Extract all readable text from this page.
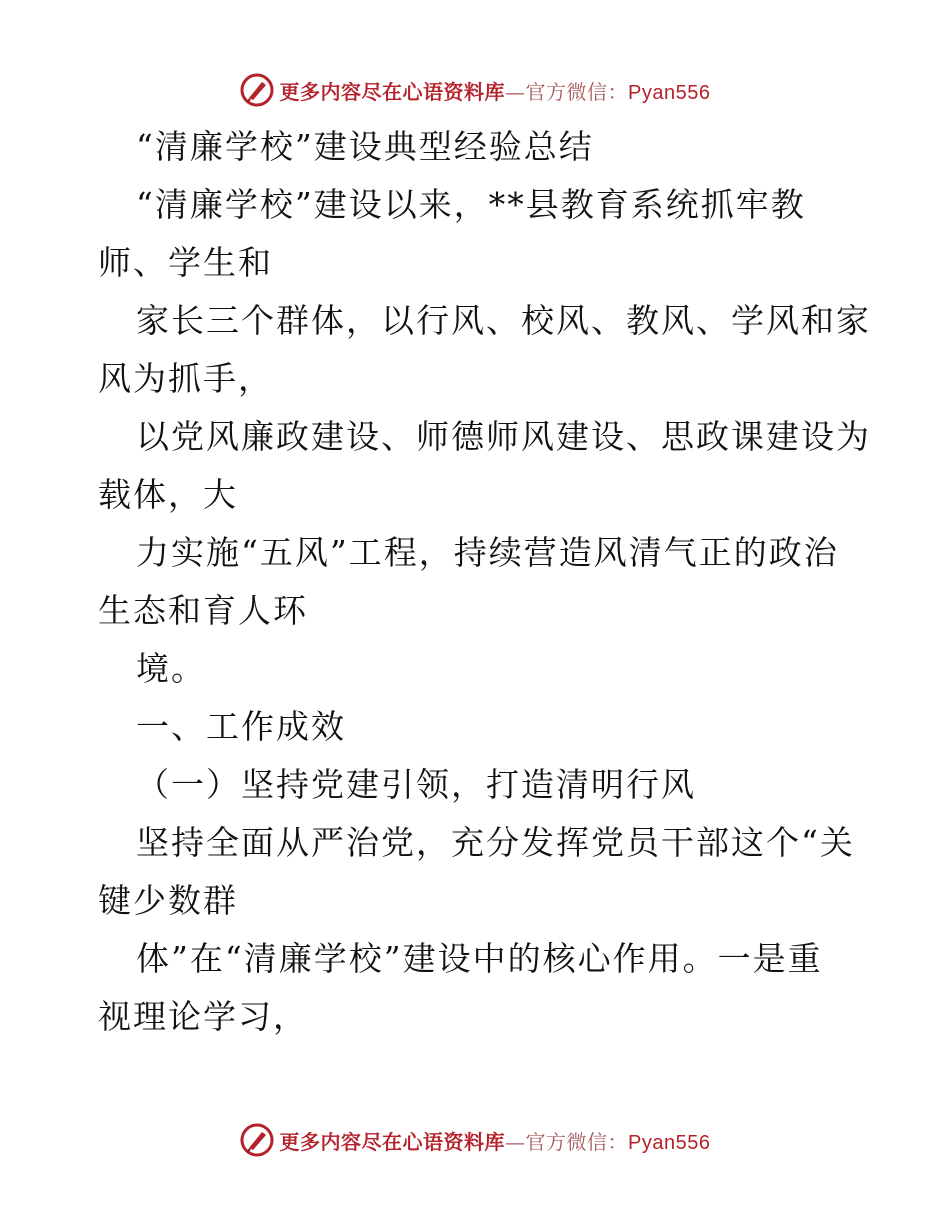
更多内容尽在心语资料库—官方微信：Pyan556
“清廉学校”建设典型经验总结
“清廉学校”建设以来，**县教育系统抓牢教
师、学生和
家长三个群体，以行风、校风、教风、学风和家
风为抓手，
以党风廉政建设、师德师风建设、思政课建设为
载体，大
力实施“五风”工程，持续营造风清气正的政治
生态和育人环
境。
一、工作成效
（一）坚持党建引领，打造清明行风
坚持全面从严治党，充分发挥党员干部这个“关
键少数群
体”在“清廉学校”建设中的核心作用。一是重
视理论学习，
更多内容尽在心语资料库—官方微信：Pyan556
